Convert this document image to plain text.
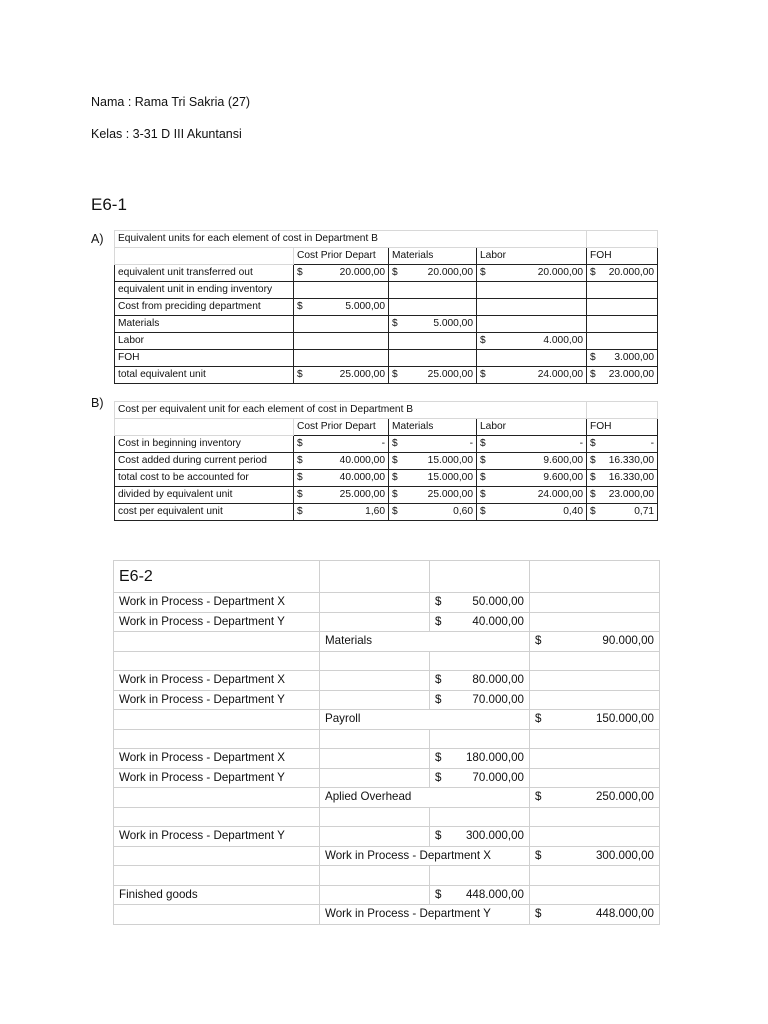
Nama : Rama Tri Sakria (27)
Kelas : 3-31 D III Akuntansi
E6-1
A) Equivalent units for each element of cost in Department B				
	Cost Prior Depart	Materials	Labor	FOH
equivalent unit transferred out	$ 20.000,00	$ 20.000,00	$ 20.000,00	$ 20.000,00

equivalent unit in ending inventory	

Cost from preciding department	$ 5.000,00			

Materials		$ 5.000,00		

Labor			$ 4.000,00	

FOH				$ 3.000,00

total equivalent unit	$ 25.000,00	$ 25.000,00	$ 24.000,00	$ 23.000,00
B) Cost per equivalent unit for each element of cost in Department B				
	Cost Prior Depart	Materials	Labor	FOH
Cost in beginning inventory	$ -	$ -	$ -	$ -

Cost added during current period	$ 40.000,00	$ 15.000,00	$ 9.600,00	$ 16.330,00

total cost to be accounted for	$ 40.000,00	$ 15.000,00	$ 9.600,00	$ 16.330,00

divided by equivalent unit	$ 25.000,00	$ 25.000,00	$ 24.000,00	$ 23.000,00

cost per equivalent unit	$ 1,60	$ 0,60	$ 0,40	$ 0,71
E6-2			
Work in Process - Department X		$ 50.000,00	

Work in Process - Department Y		$ 40.000,00	

	Materials		$ 90.000,00

Work in Process - Department X		$ 80.000,00	

Work in Process - Department Y		$ 70.000,00	

	Payroll		$ 150.000,00

Work in Process - Department X		$ 180.000,00	

Work in Process - Department Y		$ 70.000,00	

	Aplied Overhead		$ 250.000,00

Work in Process - Department Y		$ 300.000,00	

	Work in Process - Department X		$ 300.000,00

Finished goods		$ 448.000,00	

	Work in Process - Department Y		$ 448.000,00
